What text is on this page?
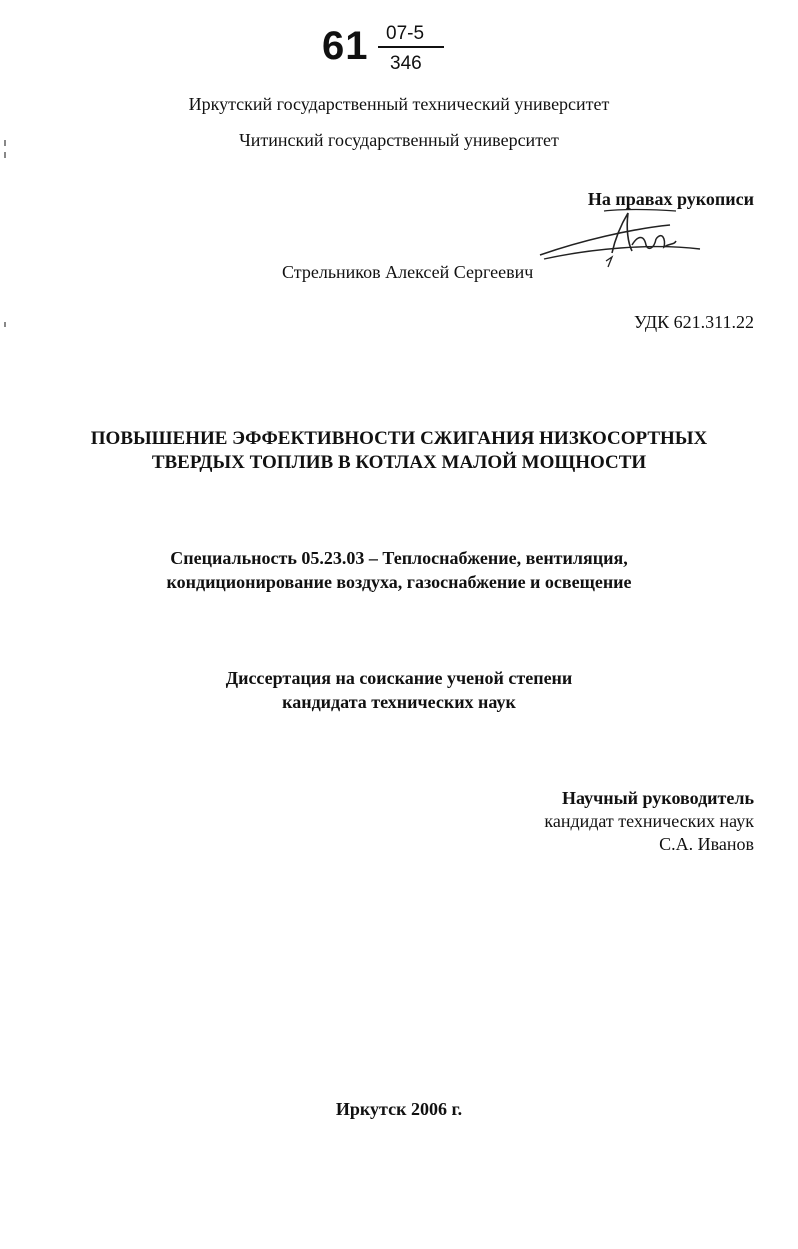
61 07-5
346
Иркутский государственный технический университет
Читинский государственный университет
На правах рукописи
Стрельников Алексей Сергеевич
УДК 621.311.22
ПОВЫШЕНИЕ ЭФФЕКТИВНОСТИ СЖИГАНИЯ НИЗКОСОРТНЫХ
ТВЕРДЫХ ТОПЛИВ В КОТЛАХ МАЛОЙ МОЩНОСТИ
Специальность 05.23.03 – Теплоснабжение, вентиляция,
кондиционирование воздуха, газоснабжение и освещение
Диссертация на соискание ученой степени
кандидата технических наук
Научный руководитель
кандидат технических наук
С.А. Иванов
Иркутск 2006 г.
